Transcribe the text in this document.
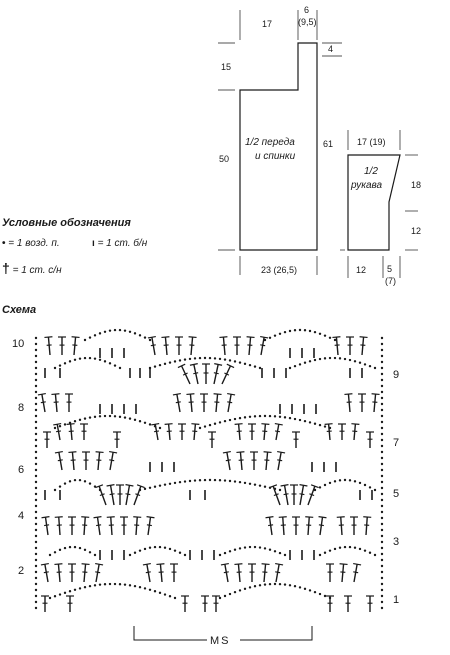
17
6
(9,5)
4
15
50
61
23 (26,5)
1/2 переда
и спинки
17 (19)
18
12
12 5
(7)
1/2
рукава
10
8
6
4
2
9
7
5
3
1
MS
Условные обозначения
• = 1 возд. п.	ı = 1 ст. б/н
† = 1 ст. с/н
Схема
